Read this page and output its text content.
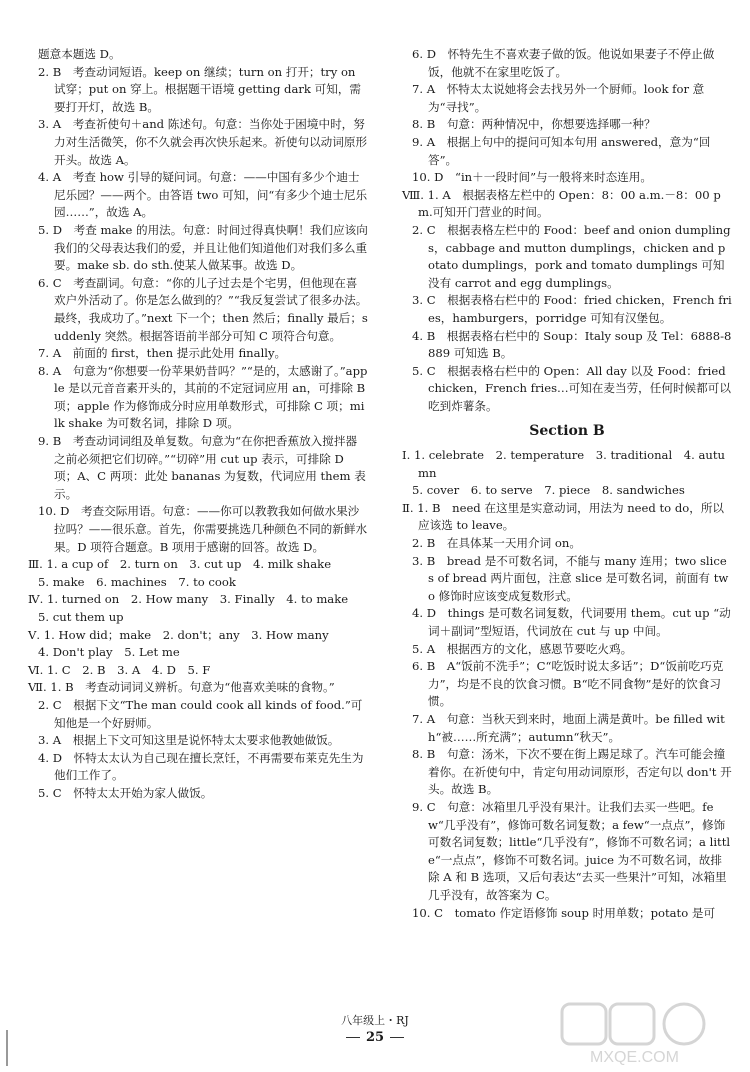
题意本题选 D。

2. B　考查动词短语。keep on 继续；turn on 打开；try on 试穿；put on 穿上。根据题干语境 getting dark 可知，需要打开灯，故选 B。

3. A　考查祈使句＋and 陈述句。句意：当你处于困境中时，努力对生活微笑，你不久就会再次快乐起来。祈使句以动词原形开头。故选 A。

4. A　考查 how 引导的疑问词。句意：——中国有多少个迪士尼乐园？——两个。由答语 two 可知，问“有多少个迪士尼乐园……”，故选 A。

5. D　考查 make 的用法。句意：时间过得真快啊！我们应该向我们的父母表达我们的爱，并且让他们知道他们对我们多么重要。make sb. do sth.使某人做某事。故选 D。

6. C　考查副词。句意：“你的儿子过去是个宅男，但他现在喜欢户外活动了。你是怎么做到的？”“我反复尝试了很多办法。最终，我成功了。”next 下一个；then 然后；finally 最后；suddenly 突然。根据答语前半部分可知 C 项符合句意。

7. A　前面的 first，then 提示此处用 finally。

8. A　句意为“你想要一份苹果奶昔吗？”“是的，太感谢了。”apple 是以元音音素开头的，其前的不定冠词应用 an，可排除 B 项；apple 作为修饰成分时应用单数形式，可排除 C 项；milk shake 为可数名词，排除 D 项。

9. B　考查动词词组及单复数。句意为“在你把香蕉放入搅拌器之前必须把它们切碎。”“切碎”用 cut up 表示，可排除 D 项；A、C 两项：此处 bananas 为复数，代词应用 them 表示。

10. D　考查交际用语。句意：——你可以教教我如何做水果沙拉吗？——很乐意。首先，你需要挑选几种颜色不同的新鲜水果。D 项符合题意。B 项用于感谢的回答。故选 D。

Ⅲ. 1. a cup of　2. turn on　3. cut up　4. milk shake

5. make　6. machines　7. to cook

Ⅳ. 1. turned on　2. How many　3. Finally　4. to make

5. cut them up

Ⅴ. 1. How did；make　2. don't；any　3. How many

4. Don't play　5. Let me

Ⅵ. 1. C　2. B　3. A　4. D　5. F

Ⅶ. 1. B　考查动词词义辨析。句意为“他喜欢美味的食物。”

2. C　根据下文“The man could cook all kinds of food.”可知他是一个好厨师。

3. A　根据上下文可知这里是说怀特太太要求他教她做饭。

4. D　怀特太太认为自己现在擅长烹饪，不再需要布莱克先生为他们工作了。

5. C　怀特太太开始为家人做饭。

6. D　怀特先生不喜欢妻子做的饭。他说如果妻子不停止做饭，他就不在家里吃饭了。

7. A　怀特太太说她将会去找另外一个厨师。look for 意为“寻找”。

8. B　句意：两种情况中，你想要选择哪一种？

9. A　根据上句中的提问可知本句用 answered，意为“回答”。

10. D　“in＋一段时间”与一般将来时态连用。

Ⅷ. 1. A　根据表格左栏中的 Open：8：00 a.m.－8：00 pm.可知开门营业的时间。

2. C　根据表格左栏中的 Food：beef and onion dumplings，cabbage and mutton dumplings，chicken and potato dumplings，pork and tomato dumplings 可知没有 carrot and egg dumplings。

3. C　根据表格右栏中的 Food：fried chicken，French fries，hamburgers，porridge 可知有汉堡包。

4. B　根据表格右栏中的 Soup：Italy soup 及 Tel：6888-8889 可知选 B。

5. C　根据表格右栏中的 Open：All day 以及 Food：fried chicken，French fries…可知在麦当劳，任何时候都可以吃到炸薯条。

Section B

Ⅰ. 1. celebrate　2. temperature　3. traditional　4. autumn

5. cover　6. to serve　7. piece　8. sandwiches

Ⅱ. 1. B　need 在这里是实意动词，用法为 need to do，所以应该选 to leave。

2. B　在具体某一天用介词 on。

3. B　bread 是不可数名词，不能与 many 连用；two slices of bread 两片面包，注意 slice 是可数名词，前面有 two 修饰时应该变成复数形式。

4. D　things 是可数名词复数，代词要用 them。cut up “动词＋副词”型短语，代词放在 cut 与 up 中间。

5. A　根据西方的文化，感恩节要吃火鸡。

6. B　A“饭前不洗手”；C“吃饭时说太多话”；D“饭前吃巧克力”，均是不良的饮食习惯。B“吃不同食物”是好的饮食习惯。

7. A　句意：当秋天到来时，地面上满是黄叶。be filled with“被……所充满”；autumn“秋天”。

8. B　句意：汤米，下次不要在街上踢足球了。汽车可能会撞着你。在祈使句中，肯定句用动词原形，否定句以 don't 开头。故选 B。

9. C　句意：冰箱里几乎没有果汁。让我们去买一些吧。few“几乎没有”，修饰可数名词复数；a few“一点点”，修饰可数名词复数；little“几乎没有”，修饰不可数名词；a little“一点点”，修饰不可数名词。juice 为不可数名词，故排除 A 和 B 选项，又后句表达“去买一些果汁”可知，冰箱里几乎没有，故答案为 C。

10. C　tomato 作定语修饰 soup 时用单数；potato 是可

八年级上・RJ
25
MXQE.COM
